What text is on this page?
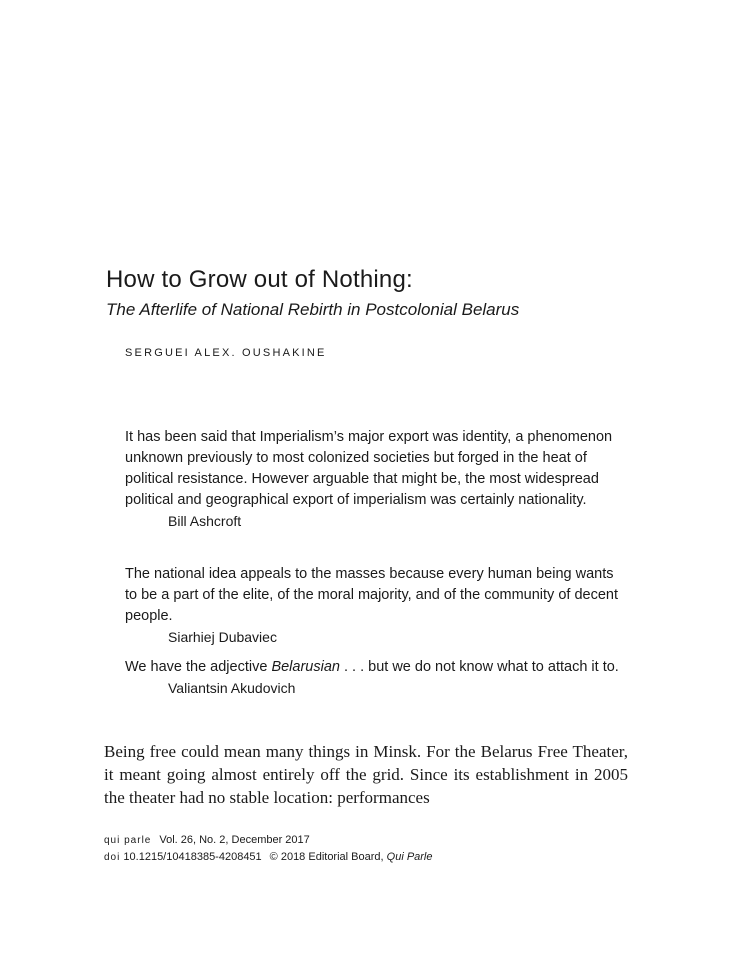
How to Grow out of Nothing:
The Afterlife of National Rebirth in Postcolonial Belarus

SERGUEI ALEX. OUSHAKINE

It has been said that Imperialism’s major export was identity, a phenomenon unknown previously to most colonized societies but forged in the heat of political resistance. However arguable that might be, the most widespread political and geographical export of imperialism was certainly nationality.

Bill Ashcroft

The national idea appeals to the masses because every human being wants to be a part of the elite, of the moral majority, and of the community of decent people.

Siarhiej Dubaviec

We have the adjective Belarusian . . . but we do not know what to attach it to.

Valiantsin Akudovich

Being free could mean many things in Minsk. For the Belarus Free Theater, it meant going almost entirely off the grid. Since its establishment in 2005 the theater had no stable location: performances

qui parle Vol. 26, No. 2, December 2017
doi 10.1215/10418385-4208451 © 2018 Editorial Board, Qui Parle
